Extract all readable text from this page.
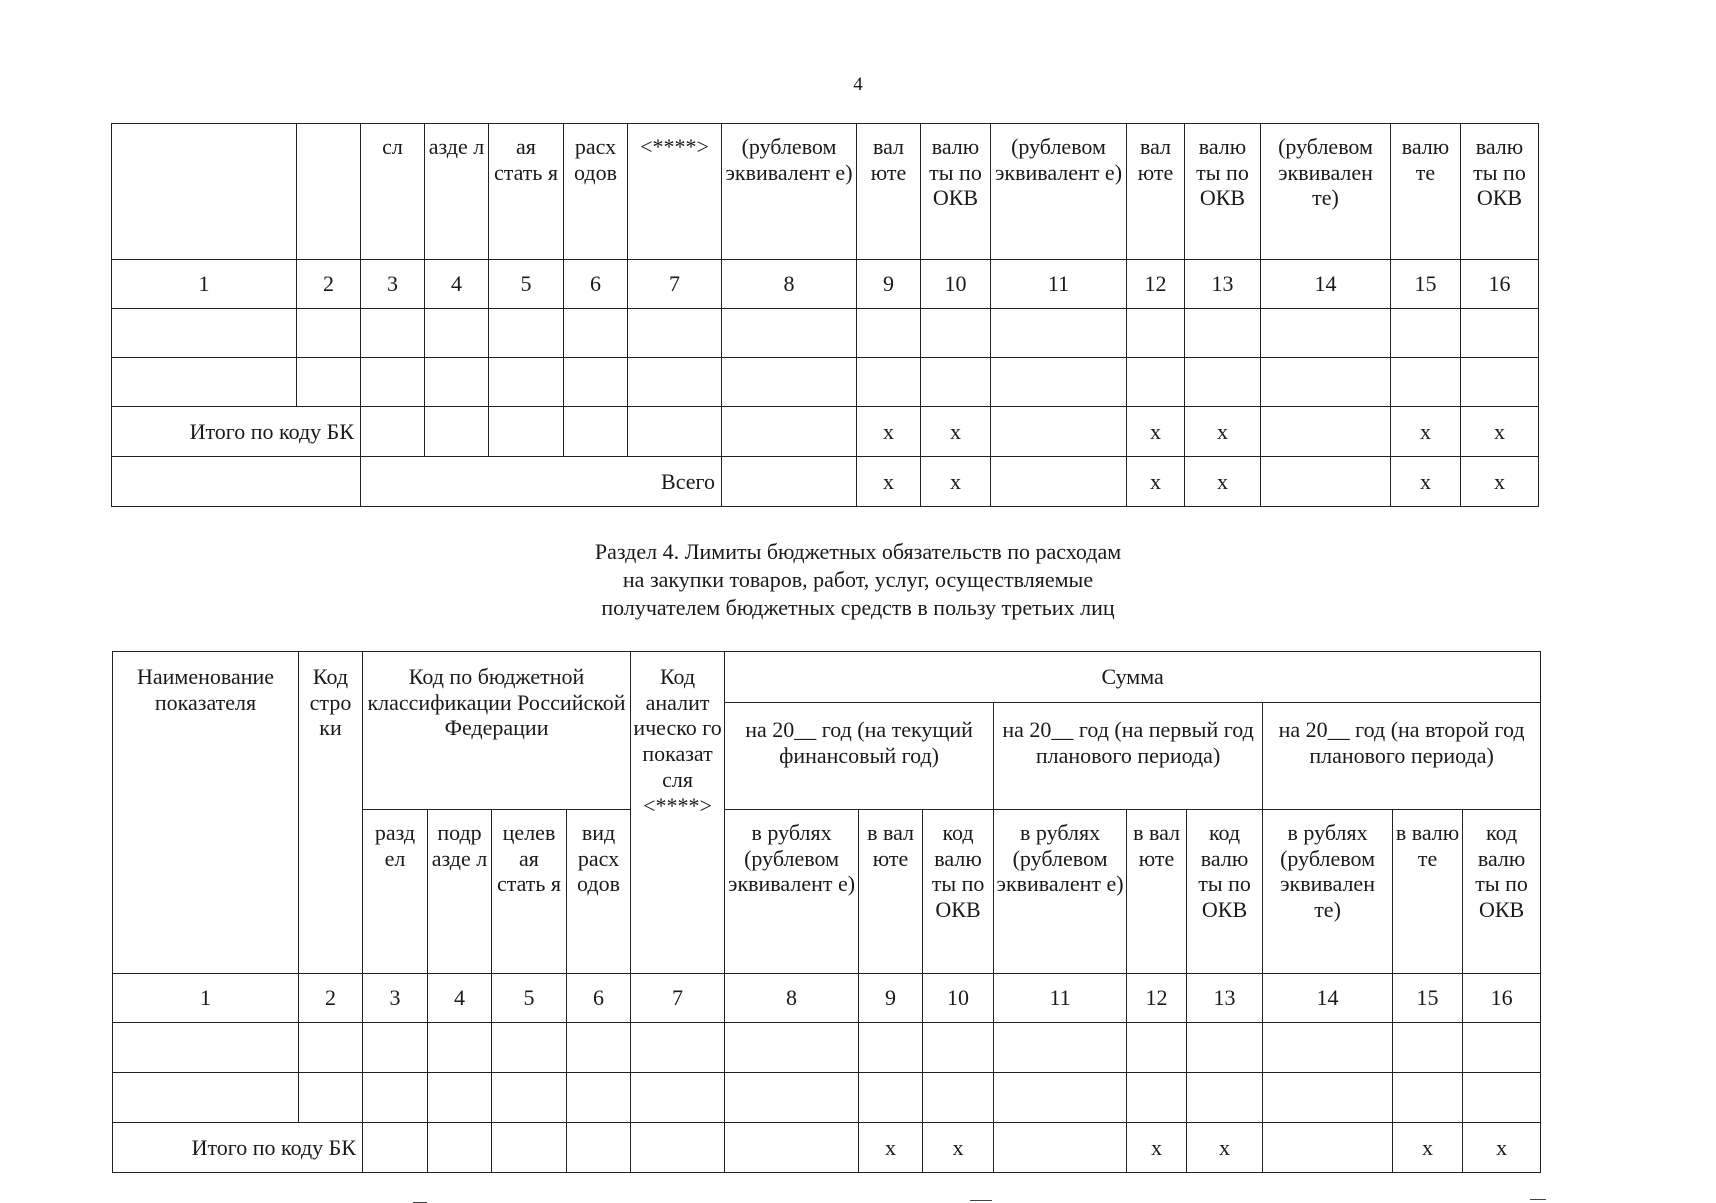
4
		сл	азде л	ая стать я	расх одов	<****>	(рублевом эквивалент е)	вал юте	валю ты по ОКВ	(рублевом эквивалент е)	вал юте	валю ты по ОКВ	(рублевом эквивален те)	валю те	валю ты по ОКВ
1	2	3	4	5	6	7	8	9	10	11	12	13	14	15	16

Итого по коду БК								x	x		x	x		x	x
		Всего						x	x		x	x		x	x
Раздел 4. Лимиты бюджетных обязательств по расходам
на закупки товаров, работ, услуг, осуществляемые
получателем бюджетных средств в пользу третьих лиц
Наименование показателя	Код стро ки	Код по бюджетной классификации Российской Федерации				Код аналит ическо го показат сля <****>	Сумма								
							на 20__ год (на текущий финансовый год)			на 20__ год (на первый год планового периода)			на 20__ год (на второй год планового периода)		
		разд ел	подр азде л	целев ая стать я	вид расх одов		в рублях (рублевом эквивалент е)	в вал юте	код валю ты по ОКВ	в рублях (рублевом эквивалент е)	в вал юте	код валю ты по ОКВ	в рублях (рублевом эквивален те)	в валю те	код валю ты по ОКВ
1	2	3	4	5	6	7	8	9	10	11	12	13	14	15	16

Итого по коду БК								x	x		x	x		x	x
